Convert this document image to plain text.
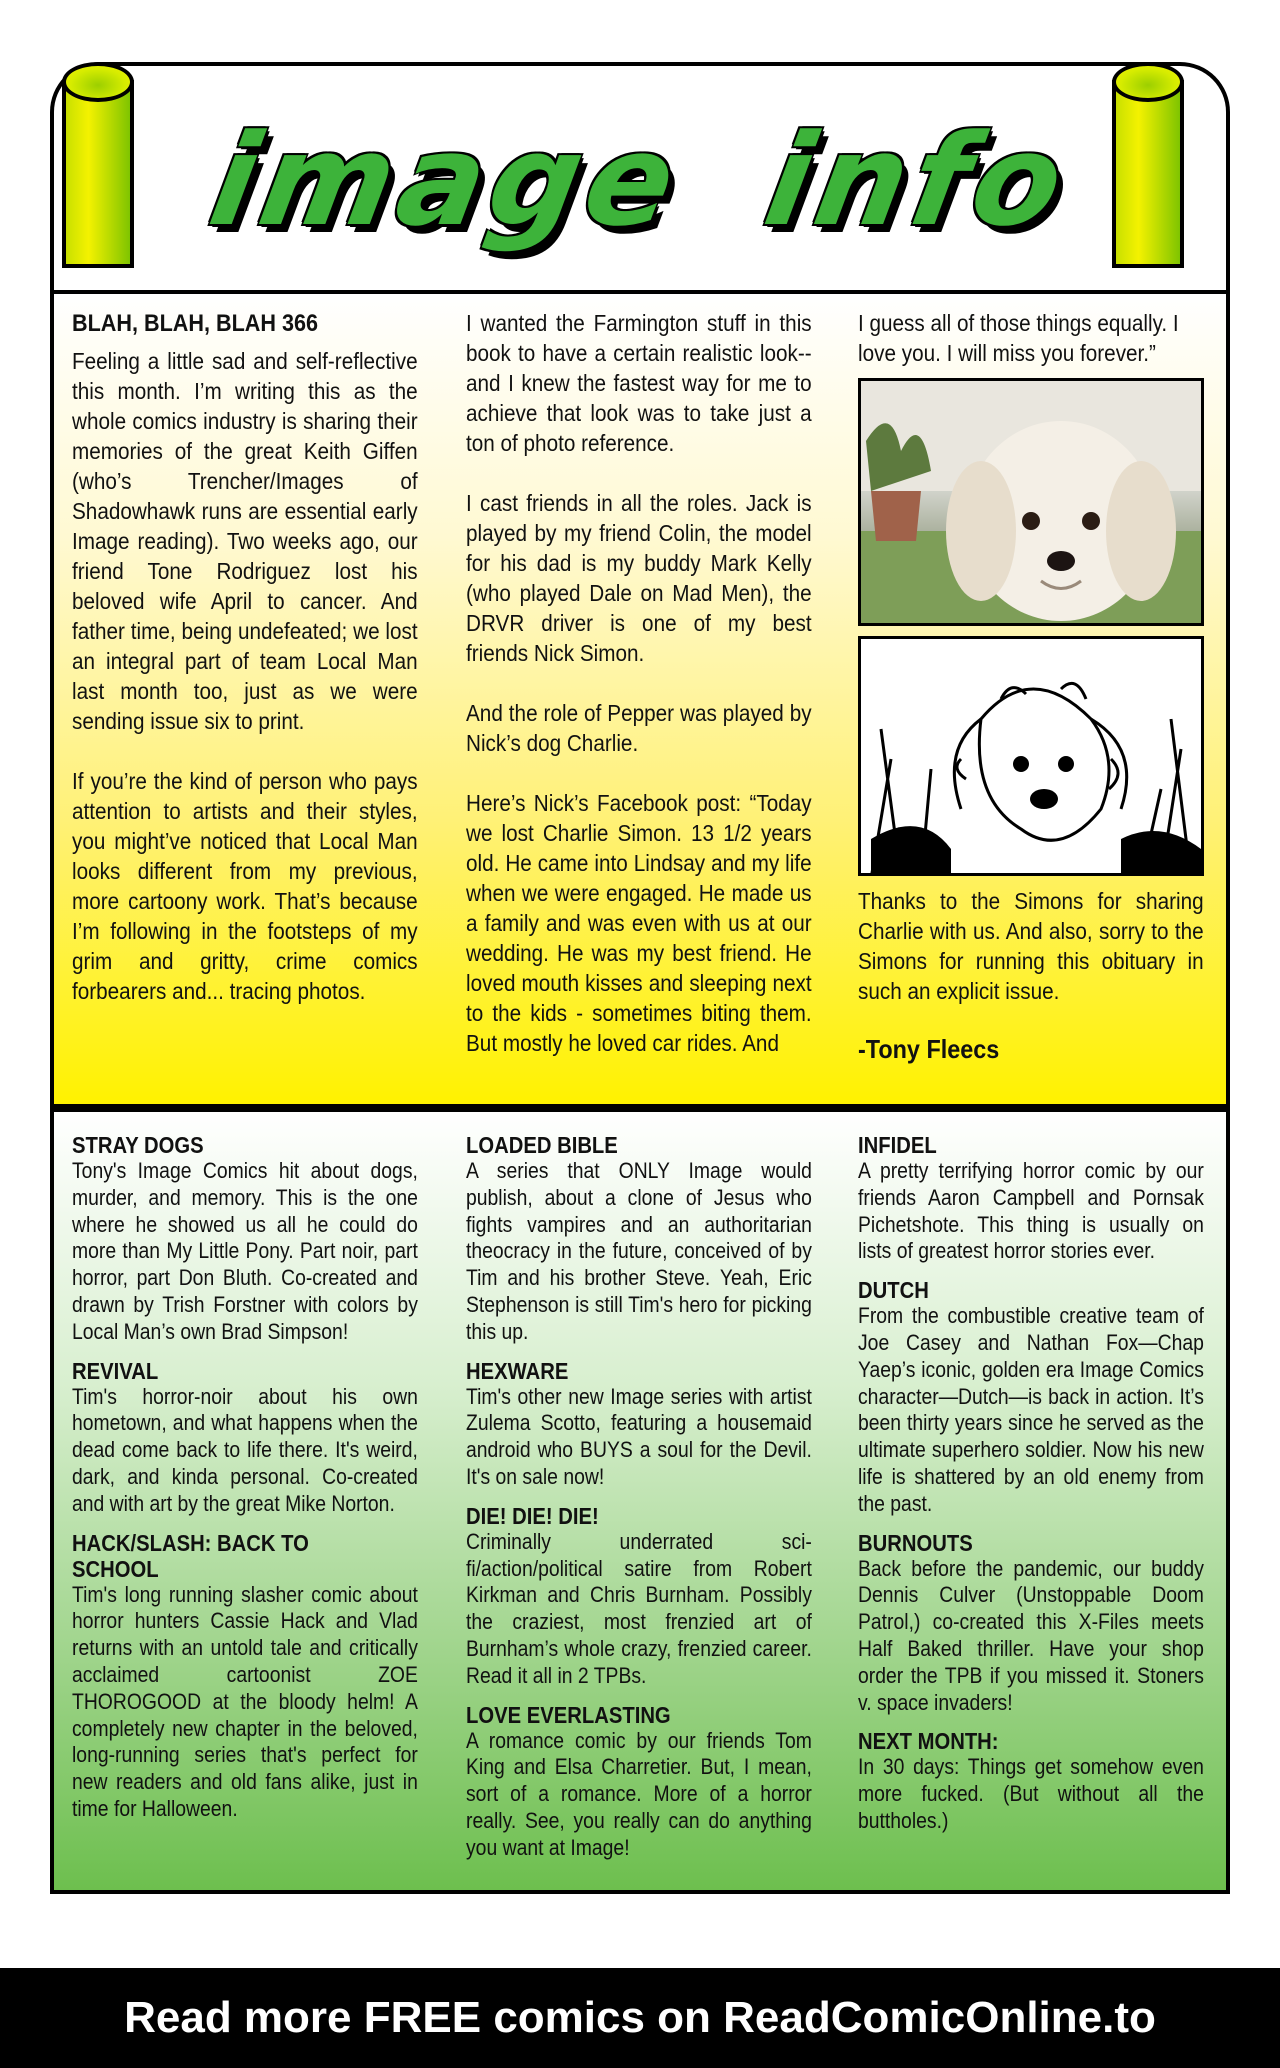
image info
BLAH, BLAH, BLAH 366

Feeling a little sad and self-reflective this month. I’m writing this as the whole comics industry is sharing their memories of the great Keith Giffen (who’s Trencher/Images of Shadowhawk runs are essential early Image reading). Two weeks ago, our friend Tone Rodriguez lost his beloved wife April to cancer. And father time, being undefeated; we lost an integral part of team Local Man last month too, just as we were sending issue six to print.

If you’re the kind of person who pays attention to artists and their styles, you might’ve noticed that Local Man looks different from my previous, more cartoony work. That’s because I’m following in the footsteps of my grim and gritty, crime comics forbearers and... tracing photos.

I wanted the Farmington stuff in this book to have a certain realistic look-- and I knew the fastest way for me to achieve that look was to take just a ton of photo reference.

I cast friends in all the roles. Jack is played by my friend Colin, the model for his dad is my buddy Mark Kelly (who played Dale on Mad Men), the DRVR driver is one of my best friends Nick Simon.

And the role of Pepper was played by Nick’s dog Charlie.

Here’s Nick’s Facebook post: “Today we lost Charlie Simon. 13 1/2 years old. He came into Lindsay and my life when we were engaged. He made us a family and was even with us at our wedding. He was my best friend. He loved mouth kisses and sleeping next to the kids - sometimes biting them. But mostly he loved car rides. And

I guess all of those things equally. I love you. I will miss you forever.”

Thanks to the Simons for sharing Charlie with us. And also, sorry to the Simons for running this obituary in such an explicit issue.

-Tony Fleecs
STRAY DOGS

Tony's Image Comics hit about dogs, murder, and memory. This is the one where he showed us all he could do more than My Little Pony. Part noir, part horror, part Don Bluth. Co-created and drawn by Trish Forstner with colors by Local Man’s own Brad Simpson!

REVIVAL

Tim's horror-noir about his own hometown, and what happens when the dead come back to life there. It's weird, dark, and kinda personal. Co-created and with art by the great Mike Norton.

HACK/SLASH: BACK TO SCHOOL

Tim's long running slasher comic about horror hunters Cassie Hack and Vlad returns with an untold tale and critically acclaimed cartoonist ZOE THOROGOOD at the bloody helm! A completely new chapter in the beloved, long-running series that's perfect for new readers and old fans alike, just in time for Halloween.

LOADED BIBLE

A series that ONLY Image would publish, about a clone of Jesus who fights vampires and an authoritarian theocracy in the future, conceived of by Tim and his brother Steve. Yeah, Eric Stephenson is still Tim's hero for picking this up.

HEXWARE

Tim's other new Image series with artist Zulema Scotto, featuring a housemaid android who BUYS a soul for the Devil. It's on sale now!

DIE! DIE! DIE!

Criminally underrated sci-fi/action/political satire from Robert Kirkman and Chris Burnham. Possibly the craziest, most frenzied art of Burnham’s whole crazy, frenzied career. Read it all in 2 TPBs.

LOVE EVERLASTING

A romance comic by our friends Tom King and Elsa Charretier. But, I mean, sort of a romance. More of a horror really. See, you really can do anything you want at Image!

INFIDEL

A pretty terrifying horror comic by our friends Aaron Campbell and Pornsak Pichetshote. This thing is usually on lists of greatest horror stories ever.

DUTCH

From the combustible creative team of Joe Casey and Nathan Fox—Chap Yaep’s iconic, golden era Image Comics character—Dutch—is back in action. It’s been thirty years since he served as the ultimate superhero soldier. Now his new life is shattered by an old enemy from the past.

BURNOUTS

Back before the pandemic, our buddy Dennis Culver (Unstoppable Doom Patrol,) co-created this X-Files meets Half Baked thriller. Have your shop order the TPB if you missed it. Stoners v. space invaders!

NEXT MONTH:

In 30 days: Things get somehow even more fucked. (But without all the buttholes.)

Read more FREE comics on ReadComicOnline.to
